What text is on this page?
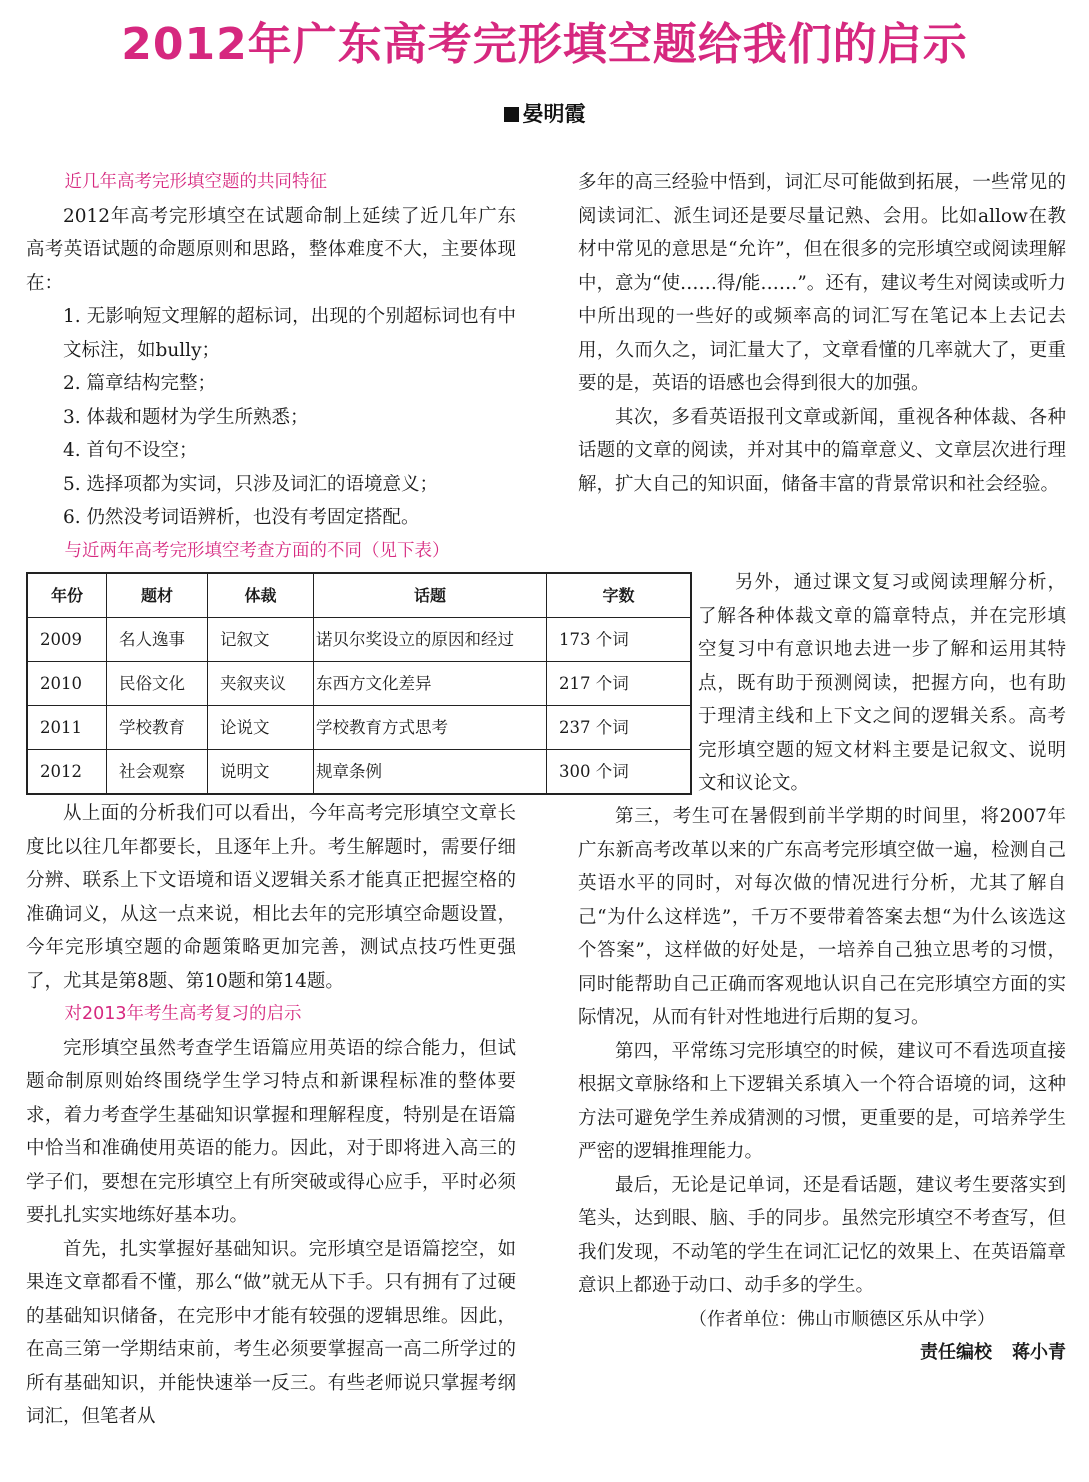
2012年广东高考完形填空题给我们的启示
晏明霞
近几年高考完形填空题的共同特征

2012年高考完形填空在试题命制上延续了近几年广东高考英语试题的命题原则和思路，整体难度不大，主要体现在：

1. 无影响短文理解的超标词，出现的个别超标词也有中文标注，如bully；

2. 篇章结构完整；

3. 体裁和题材为学生所熟悉；

4. 首句不设空；

5. 选择项都为实词，只涉及词汇的语境意义；

6. 仍然没考词语辨析，也没有考固定搭配。

与近两年高考完形填空考查方面的不同（见下表）
年份	题材	体裁	话题	字数
2009	名人逸事	记叙文	诺贝尔奖设立的原因和经过	173 个词
2010	民俗文化	夹叙夹议	东西方文化差异	217 个词
2011	学校教育	论说文	学校教育方式思考	237 个词
2012	社会观察	说明文	规章条例	300 个词

从上面的分析我们可以看出，今年高考完形填空文章长度比以往几年都要长，且逐年上升。考生解题时，需要仔细分辨、联系上下文语境和语义逻辑关系才能真正把握空格的准确词义，从这一点来说，相比去年的完形填空命题设置，今年完形填空题的命题策略更加完善，测试点技巧性更强了，尤其是第8题、第10题和第14题。

对2013年考生高考复习的启示

完形填空虽然考查学生语篇应用英语的综合能力，但试题命制原则始终围绕学生学习特点和新课程标准的整体要求，着力考查学生基础知识掌握和理解程度，特别是在语篇中恰当和准确使用英语的能力。因此，对于即将进入高三的学子们，要想在完形填空上有所突破或得心应手，平时必须要扎扎实实地练好基本功。

首先，扎实掌握好基础知识。完形填空是语篇挖空，如果连文章都看不懂，那么“做”就无从下手。只有拥有了过硬的基础知识储备，在完形中才能有较强的逻辑思维。因此，在高三第一学期结束前，考生必须要掌握高一高二所学过的所有基础知识，并能快速举一反三。有些老师说只掌握考纲词汇，但笔者从

多年的高三经验中悟到，词汇尽可能做到拓展，一些常见的阅读词汇、派生词还是要尽量记熟、会用。比如allow在教材中常见的意思是“允许”，但在很多的完形填空或阅读理解中，意为“使……得/能……”。还有，建议考生对阅读或听力中所出现的一些好的或频率高的词汇写在笔记本上去记去用，久而久之，词汇量大了，文章看懂的几率就大了，更重要的是，英语的语感也会得到很大的加强。

其次，多看英语报刊文章或新闻，重视各种体裁、各种话题的文章的阅读，并对其中的篇章意义、文章层次进行理解，扩大自己的知识面，储备丰富的背景常识和社会经验。

另外，通过课文复习或阅读理解分析，了解各种体裁文章的篇章特点，并在完形填空复习中有意识地去进一步了解和运用其特点，既有助于预测阅读，把握方向，也有助于理清主线和上下文之间的逻辑关系。高考完形填空题的短文材料主要是记叙文、说明文和议论文。

第三，考生可在暑假到前半学期的时间里，将2007年广东新高考改革以来的广东高考完形填空做一遍，检测自己英语水平的同时，对每次做的情况进行分析，尤其了解自己“为什么这样选”，千万不要带着答案去想“为什么该选这个答案”，这样做的好处是，一培养自己独立思考的习惯，同时能帮助自己正确而客观地认识自己在完形填空方面的实际情况，从而有针对性地进行后期的复习。

第四，平常练习完形填空的时候，建议可不看选项直接根据文章脉络和上下逻辑关系填入一个符合语境的词，这种方法可避免学生养成猜测的习惯，更重要的是，可培养学生严密的逻辑推理能力。

最后，无论是记单词，还是看话题，建议考生要落实到笔头，达到眼、脑、手的同步。虽然完形填空不考查写，但我们发现，不动笔的学生在词汇记忆的效果上、在英语篇章意识上都逊于动口、动手多的学生。

（作者单位：佛山市顺德区乐从中学）
责任编校 蒋小青
